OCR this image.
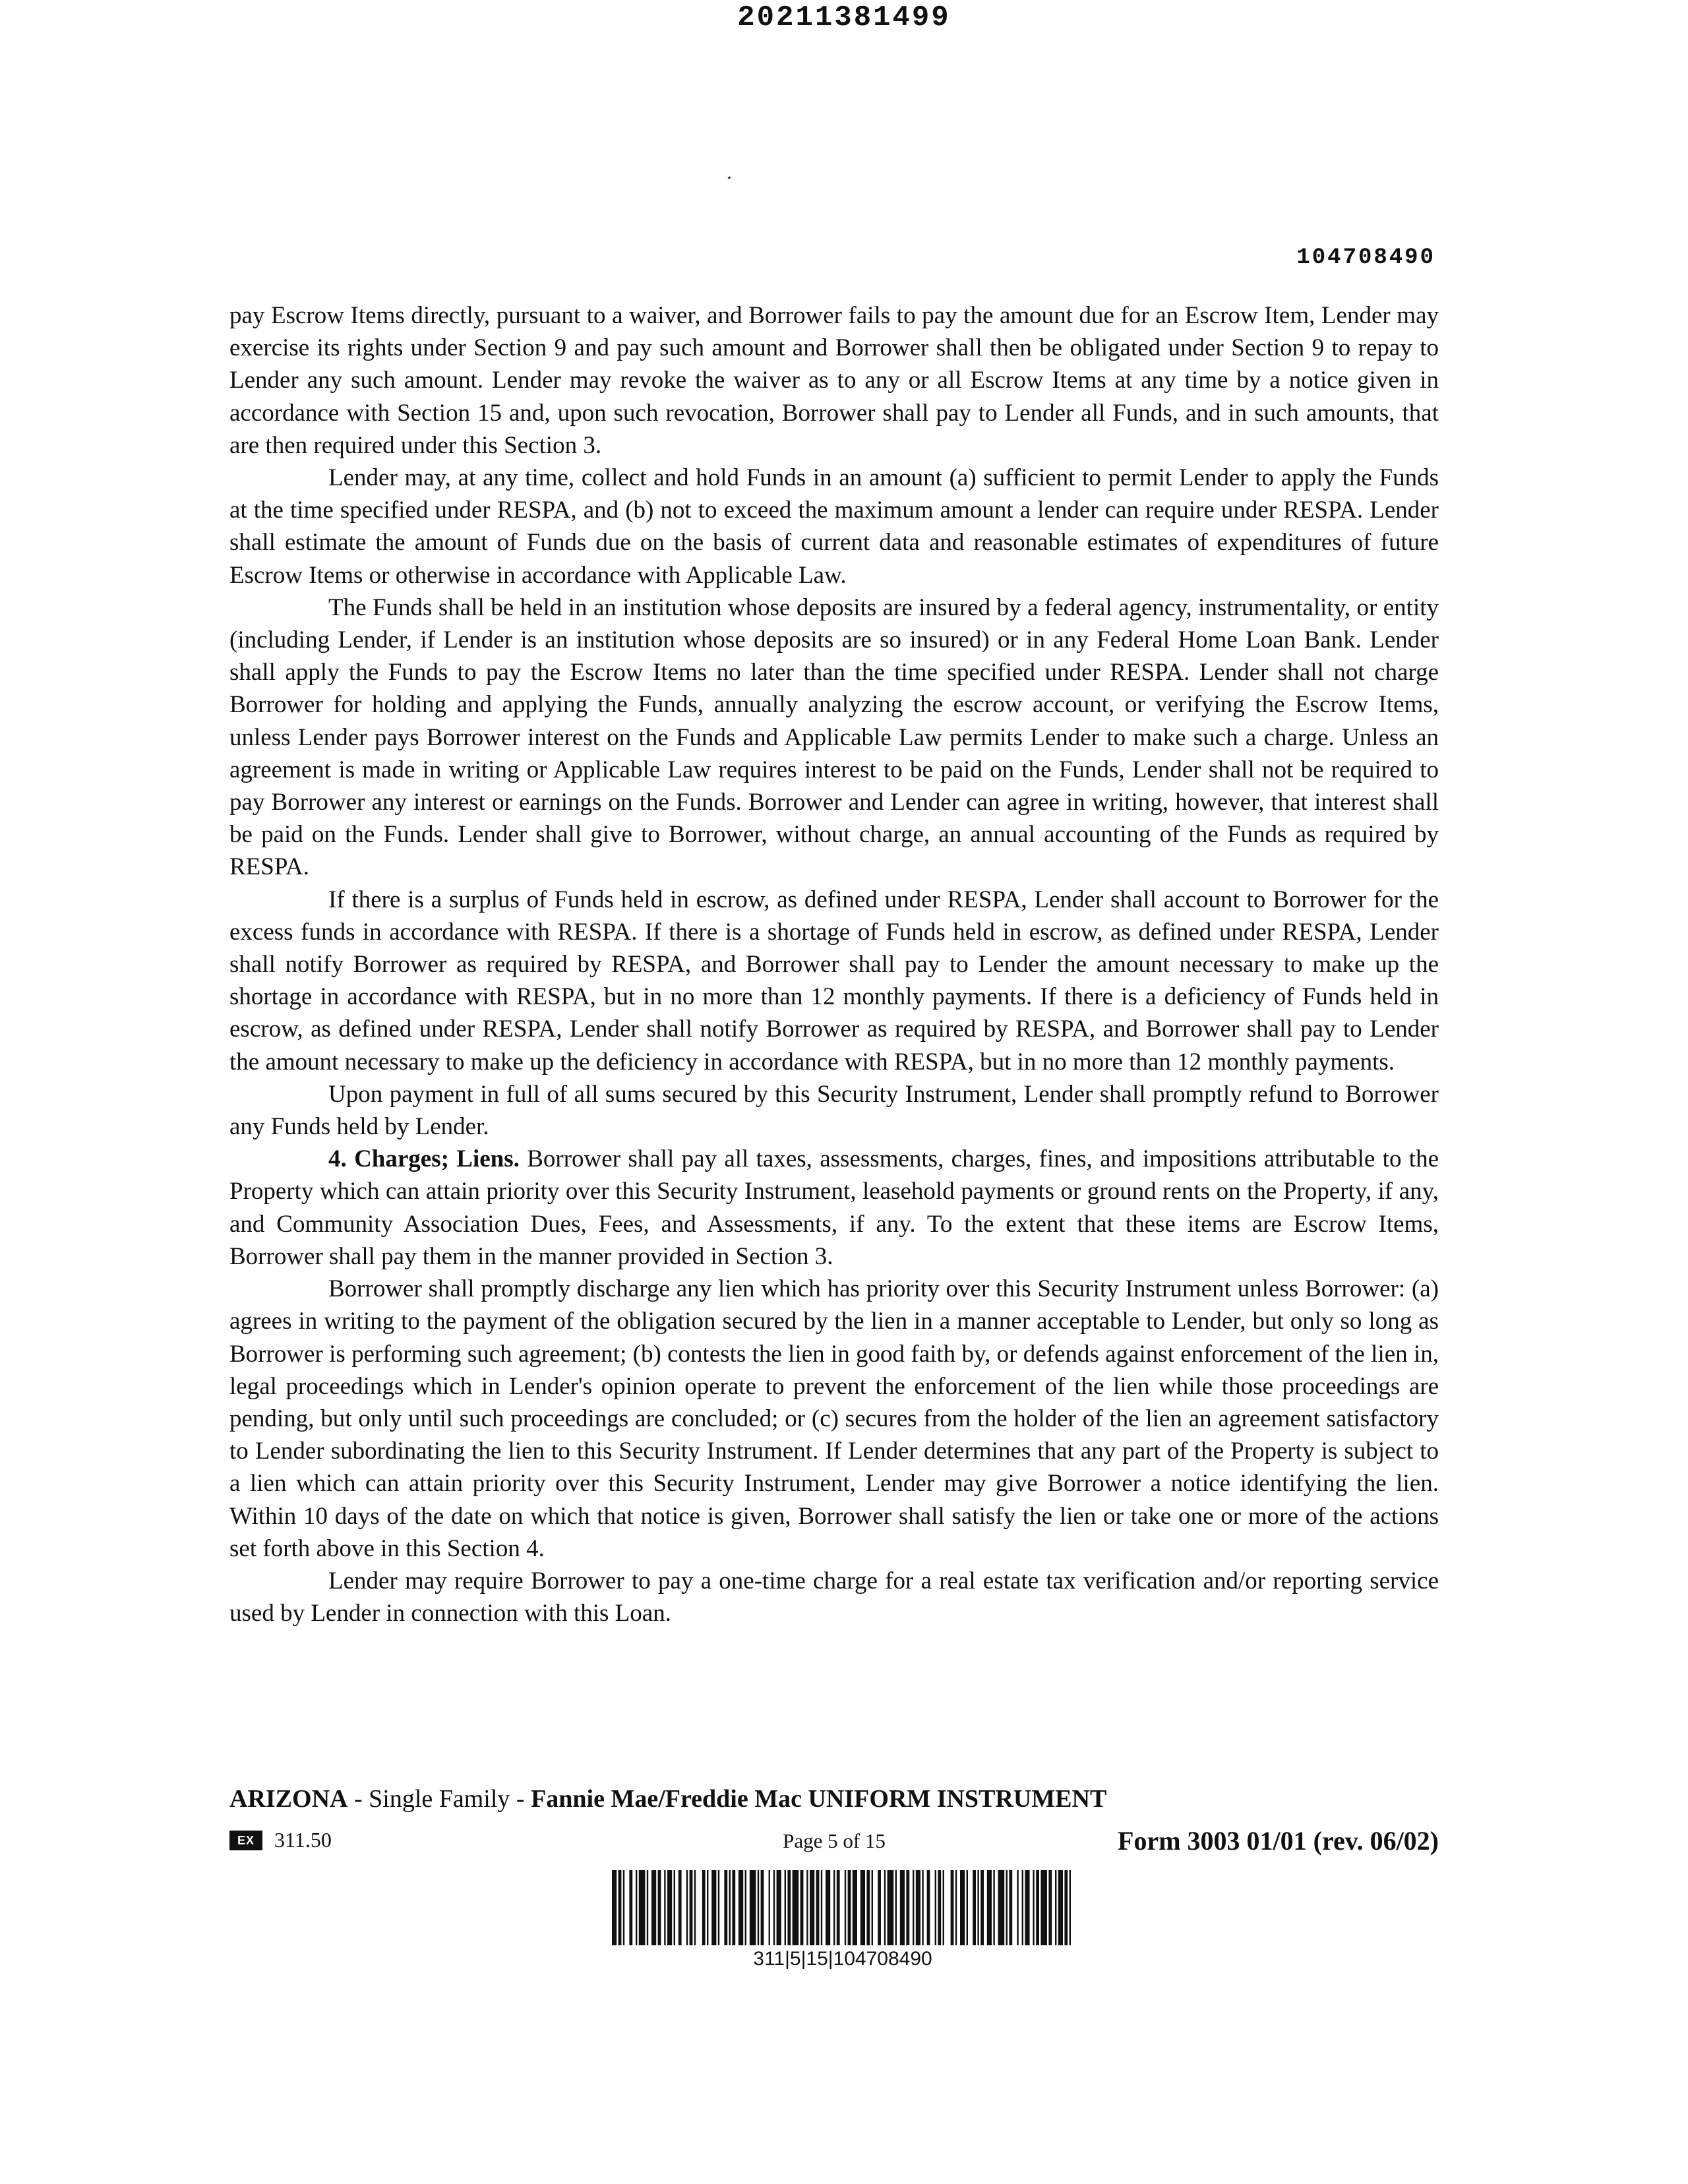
20211381499
104708490

pay Escrow Items directly, pursuant to a waiver, and Borrower fails to pay the amount due for an Escrow Item, Lender may exercise its rights under Section 9 and pay such amount and Borrower shall then be obligated under Section 9 to repay to Lender any such amount. Lender may revoke the waiver as to any or all Escrow Items at any time by a notice given in accordance with Section 15 and, upon such revocation, Borrower shall pay to Lender all Funds, and in such amounts, that are then required under this Section 3.

Lender may, at any time, collect and hold Funds in an amount (a) sufficient to permit Lender to apply the Funds at the time specified under RESPA, and (b) not to exceed the maximum amount a lender can require under RESPA. Lender shall estimate the amount of Funds due on the basis of current data and reasonable estimates of expenditures of future Escrow Items or otherwise in accordance with Applicable Law.

The Funds shall be held in an institution whose deposits are insured by a federal agency, instrumentality, or entity (including Lender, if Lender is an institution whose deposits are so insured) or in any Federal Home Loan Bank. Lender shall apply the Funds to pay the Escrow Items no later than the time specified under RESPA. Lender shall not charge Borrower for holding and applying the Funds, annually analyzing the escrow account, or verifying the Escrow Items, unless Lender pays Borrower interest on the Funds and Applicable Law permits Lender to make such a charge. Unless an agreement is made in writing or Applicable Law requires interest to be paid on the Funds, Lender shall not be required to pay Borrower any interest or earnings on the Funds. Borrower and Lender can agree in writing, however, that interest shall be paid on the Funds. Lender shall give to Borrower, without charge, an annual accounting of the Funds as required by RESPA.

If there is a surplus of Funds held in escrow, as defined under RESPA, Lender shall account to Borrower for the excess funds in accordance with RESPA. If there is a shortage of Funds held in escrow, as defined under RESPA, Lender shall notify Borrower as required by RESPA, and Borrower shall pay to Lender the amount necessary to make up the shortage in accordance with RESPA, but in no more than 12 monthly payments. If there is a deficiency of Funds held in escrow, as defined under RESPA, Lender shall notify Borrower as required by RESPA, and Borrower shall pay to Lender the amount necessary to make up the deficiency in accordance with RESPA, but in no more than 12 monthly payments.

Upon payment in full of all sums secured by this Security Instrument, Lender shall promptly refund to Borrower any Funds held by Lender.

4. Charges; Liens. Borrower shall pay all taxes, assessments, charges, fines, and impositions attributable to the Property which can attain priority over this Security Instrument, leasehold payments or ground rents on the Property, if any, and Community Association Dues, Fees, and Assessments, if any. To the extent that these items are Escrow Items, Borrower shall pay them in the manner provided in Section 3.

Borrower shall promptly discharge any lien which has priority over this Security Instrument unless Borrower: (a) agrees in writing to the payment of the obligation secured by the lien in a manner acceptable to Lender, but only so long as Borrower is performing such agreement; (b) contests the lien in good faith by, or defends against enforcement of the lien in, legal proceedings which in Lender's opinion operate to prevent the enforcement of the lien while those proceedings are pending, but only until such proceedings are concluded; or (c) secures from the holder of the lien an agreement satisfactory to Lender subordinating the lien to this Security Instrument. If Lender determines that any part of the Property is subject to a lien which can attain priority over this Security Instrument, Lender may give Borrower a notice identifying the lien. Within 10 days of the date on which that notice is given, Borrower shall satisfy the lien or take one or more of the actions set forth above in this Section 4.

Lender may require Borrower to pay a one-time charge for a real estate tax verification and/or reporting service used by Lender in connection with this Loan.

ARIZONA - Single Family - Fannie Mae/Freddie Mac UNIFORM INSTRUMENT
EX 311.50	Page 5 of 15	Form 3003 01/01 (rev. 06/02)
311|5|15|104708490
